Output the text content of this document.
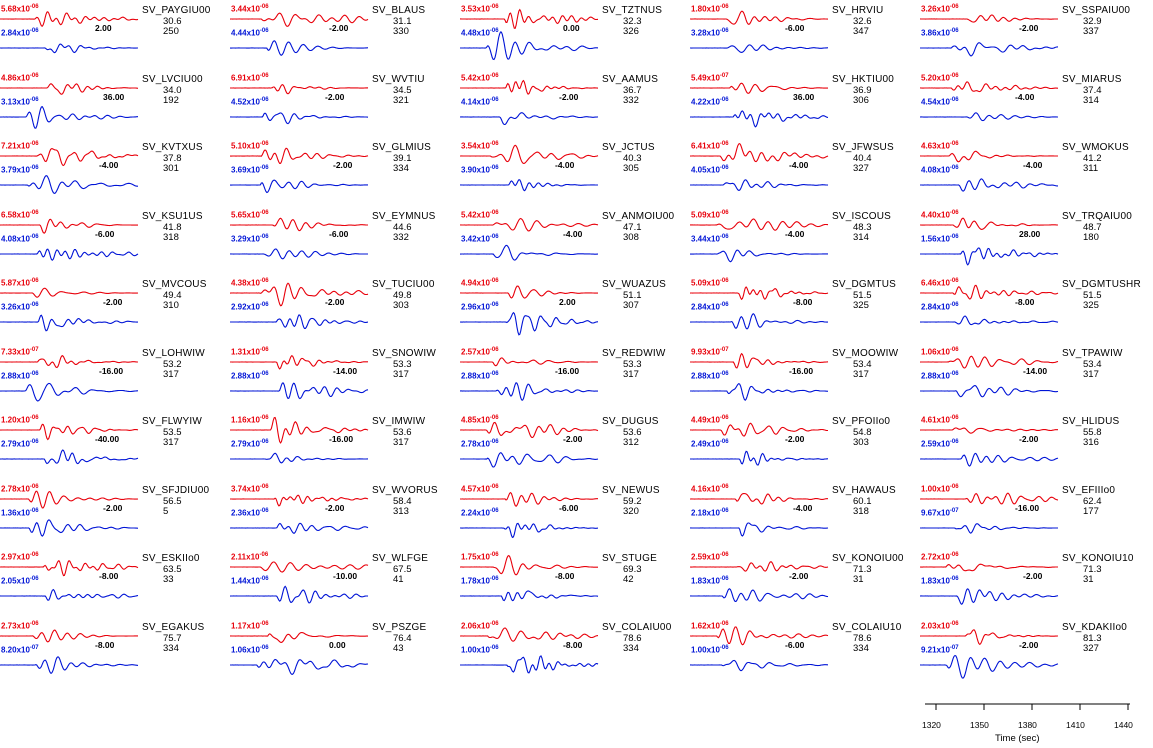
$5.68x10^{-06}$
$2.84x10^{-06}$	2.00
SV_PAYGIU00
30.6
250
$3.44x10^{-06}$
$4.44x10^{-06}$	-2.00
SV_BLAUS
31.1
330
$3.53x10^{-06}$
$4.48x10^{-06}$	0.00
SV_TZTNUS
32.3
326
$1.80x10^{-06}$
$3.28x10^{-06}$	-6.00
SV_HRVIU
32.6
347
$3.26x10^{-06}$
$3.86x10^{-06}$	-2.00
SV_SSPAIU00
32.9
337
$4.86x10^{-06}$
$3.13x10^{-06}$	36.00
SV_LVCIU00
34.0
192
$6.91x10^{-06}$
$4.52x10^{-06}$	-2.00
SV_WVTIU
34.5
321
$5.42x10^{-06}$
$4.14x10^{-06}$	-2.00
SV_AAMUS
36.7
332
$5.49x10^{-07}$
$4.22x10^{-06}$	36.00
SV_HKTIU00
36.9
306
$5.20x10^{-06}$
$4.54x10^{-06}$	-4.00
SV_MIARUS
37.4
314
$7.21x10^{-06}$
$3.79x10^{-06}$	-4.00
SV_KVTXUS
37.8
301
$5.10x10^{-06}$
$3.69x10^{-06}$	-2.00
SV_GLMIUS
39.1
334
$3.54x10^{-06}$
$3.90x10^{-06}$	-4.00
SV_JCTUS
40.3
305
$6.41x10^{-06}$
$4.05x10^{-06}$	-4.00
SV_JFWSUS
40.4
327
$4.63x10^{-06}$
$4.08x10^{-06}$	-4.00
SV_WMOKUS
41.2
311
$6.58x10^{-06}$
$4.08x10^{-06}$	-6.00
SV_KSU1US
41.8
318
$5.65x10^{-06}$
$3.29x10^{-06}$	-6.00
SV_EYMNUS
44.6
332
$5.42x10^{-06}$
$3.42x10^{-06}$	-4.00
SV_ANMOIU00
47.1
308
$5.09x10^{-06}$
$3.44x10^{-06}$	-4.00
SV_ISCOUS
48.3
314
$4.40x10^{-06}$
$1.56x10^{-06}$	28.00
SV_TRQAIU00
48.7
180
$5.87x10^{-06}$
$3.26x10^{-06}$	-2.00
SV_MVCOUS
49.4
310
$4.38x10^{-06}$
$2.92x10^{-06}$	-2.00
SV_TUCIU00
49.8
303
$4.94x10^{-06}$
$2.96x10^{-06}$	2.00
SV_WUAZUS
51.1
307
$5.09x10^{-06}$
$2.84x10^{-06}$	-8.00
SV_DGMTUS
51.5
325
$6.46x10^{-06}$
$2.84x10^{-06}$	-8.00
SV_DGMTUSHR
51.5
325
$7.33x10^{-07}$
$2.88x10^{-06}$	-16.00
SV_LOHWIW
53.2
317
$1.31x10^{-06}$
$2.88x10^{-06}$	-14.00
SV_SNOWIW
53.3
317
$2.57x10^{-06}$
$2.88x10^{-06}$	-16.00
SV_REDWIW
53.3
317
$9.93x10^{-07}$
$2.88x10^{-06}$	-16.00
SV_MOOWIW
53.4
317
$1.06x10^{-06}$
$2.88x10^{-06}$	-14.00
SV_TPAWIW
53.4
317
$1.20x10^{-06}$
$2.79x10^{-06}$	-40.00
SV_FLWYIW
53.5
317
$1.16x10^{-06}$
$2.79x10^{-06}$	-16.00
SV_IMWIW
53.6
317
$4.85x10^{-06}$
$2.78x10^{-06}$	-2.00
SV_DUGUS
53.6
312
$4.49x10^{-06}$
$2.49x10^{-06}$	-2.00
SV_PFOIIo0
54.8
303
$4.61x10^{-06}$
$2.59x10^{-06}$	-2.00
SV_HLIDUS
55.8
316
$2.78x10^{-06}$
$1.36x10^{-06}$	-2.00
SV_SFJDIU00
56.5
5
$3.74x10^{-06}$
$2.36x10^{-06}$	-2.00
SV_WVORUS
58.4
313
$4.57x10^{-06}$
$2.24x10^{-06}$	-6.00
SV_NEWUS
59.2
320
$4.16x10^{-06}$
$2.18x10^{-06}$	-4.00
SV_HAWAUS
60.1
318
$1.00x10^{-06}$
$9.67x10^{-07}$	-16.00
SV_EFIIIo0
62.4
177
$2.97x10^{-06}$
$2.05x10^{-06}$	-8.00
SV_ESKIIo0
63.5
33
$2.11x10^{-06}$
$1.44x10^{-06}$	-10.00
SV_WLFGE
67.5
41
$1.75x10^{-06}$
$1.78x10^{-06}$	-8.00
SV_STUGE
69.3
42
$2.59x10^{-06}$
$1.83x10^{-06}$	-2.00
SV_KONOIU00
71.3
31
$2.72x10^{-06}$
$1.83x10^{-06}$	-2.00
SV_KONOIU10
71.3
31
$2.73x10^{-06}$
$8.20x10^{-07}$	-8.00
SV_EGAKUS
75.7
334
$1.17x10^{-06}$
$1.06x10^{-06}$	0.00
SV_PSZGE
76.4
43
$2.06x10^{-06}$
$1.00x10^{-06}$	-8.00
SV_COLAIU00
78.6
334
$1.62x10^{-06}$
$1.00x10^{-06}$	-6.00
SV_COLAIU10
78.6
334
$2.03x10^{-06}$
$9.21x10^{-07}$	-2.00
SV_KDAKIIo0
81.3
327
1320	1350	1380	1410	1440
Time (sec)
